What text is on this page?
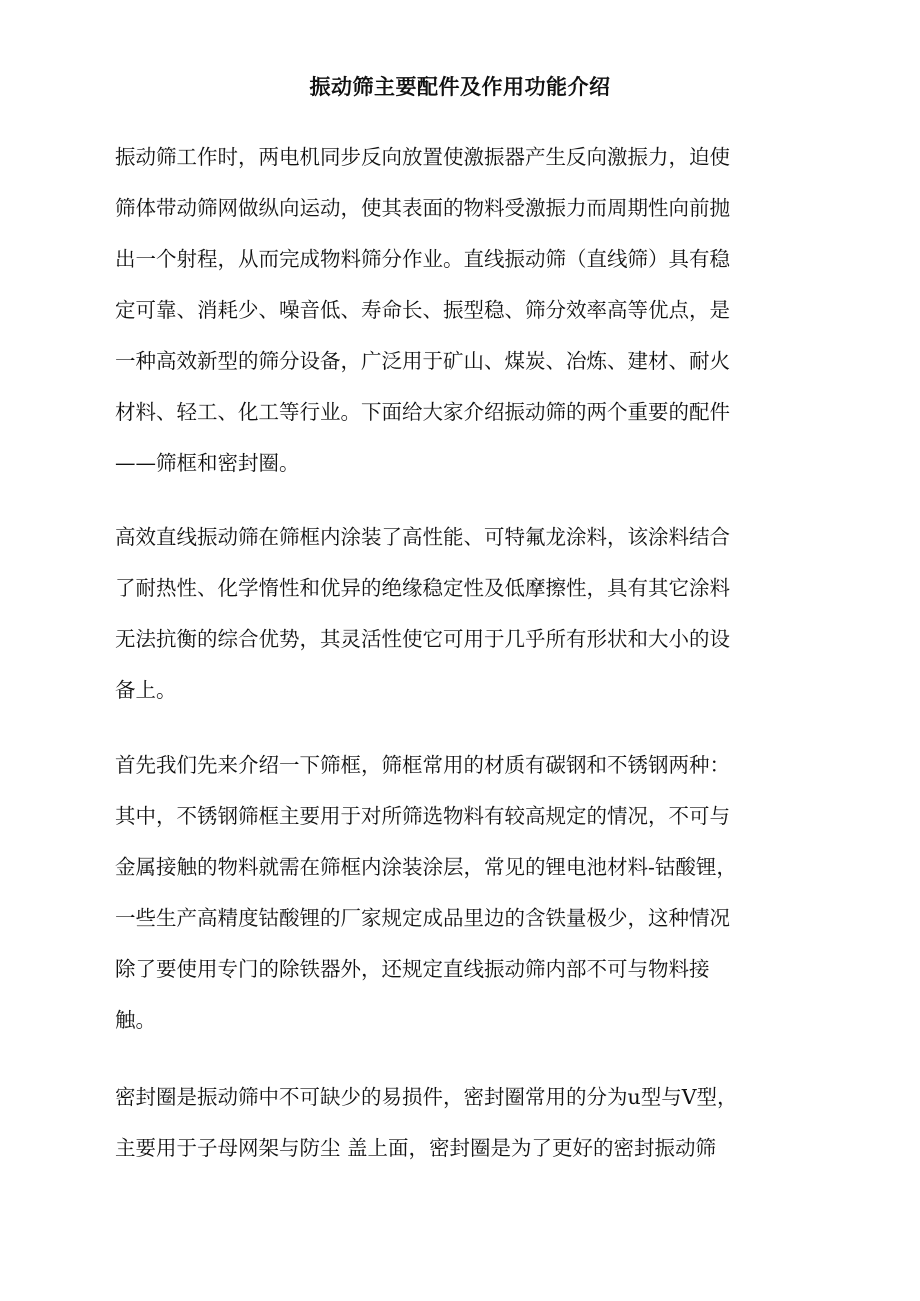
振动筛主要配件及作用功能介绍
振动筛工作时，两电机同步反向放置使激振器产生反向激振力，迫使
筛体带动筛网做纵向运动，使其表面的物料受激振力而周期性向前抛
出一个射程，从而完成物料筛分作业。直线振动筛（直线筛）具有稳
定可靠、消耗少、噪音低、寿命长、振型稳、筛分效率高等优点，是
一种高效新型的筛分设备，广泛用于矿山、煤炭、冶炼、建材、耐火
材料、轻工、化工等行业。下面给大家介绍振动筛的两个重要的配件
——筛框和密封圈。
高效直线振动筛在筛框内涂装了高性能、可特氟龙涂料，该涂料结合
了耐热性、化学惰性和优异的绝缘稳定性及低摩擦性，具有其它涂料
无法抗衡的综合优势，其灵活性使它可用于几乎所有形状和大小的设
备上。
首先我们先来介绍一下筛框，筛框常用的材质有碳钢和不锈钢两种：
其中，不锈钢筛框主要用于对所筛选物料有较高规定的情况，不可与
金属接触的物料就需在筛框内涂装涂层，常见的锂电池材料-钴酸锂，
一些生产高精度钴酸锂的厂家规定成品里边的含铁量极少，这种情况
除了要使用专门的除铁器外，还规定直线振动筛内部不可与物料接
触。
密封圈是振动筛中不可缺少的易损件，密封圈常用的分为u型与V型，
主要用于子母网架与防尘 盖上面，密封圈是为了更好的密封振动筛
